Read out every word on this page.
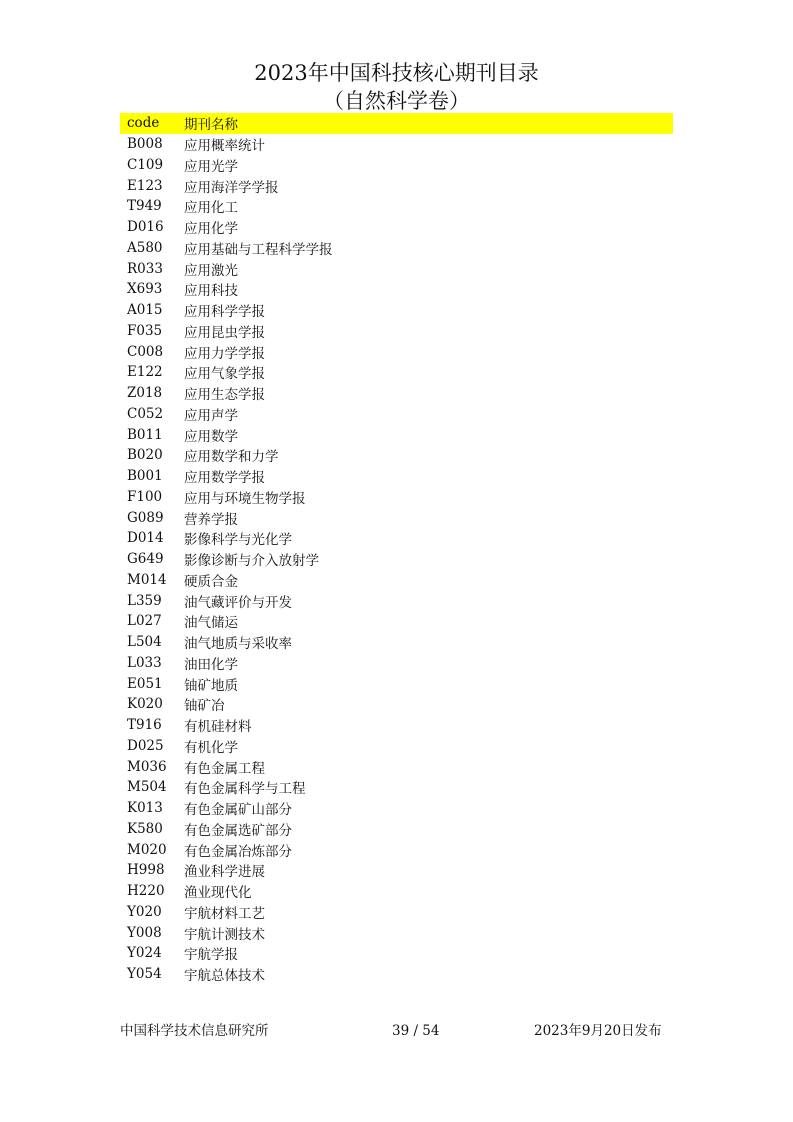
2023年中国科技核心期刊目录
（自然科学卷）
code	期刊名称
B008	应用概率统计
C109	应用光学
E123	应用海洋学学报
T949	应用化工
D016	应用化学
A580	应用基础与工程科学学报
R033	应用激光
X693	应用科技
A015	应用科学学报
F035	应用昆虫学报
C008	应用力学学报
E122	应用气象学报
Z018	应用生态学报
C052	应用声学
B011	应用数学
B020	应用数学和力学
B001	应用数学学报
F100	应用与环境生物学报
G089	营养学报
D014	影像科学与光化学
G649	影像诊断与介入放射学
M014	硬质合金
L359	油气藏评价与开发
L027	油气储运
L504	油气地质与采收率
L033	油田化学
E051	铀矿地质
K020	铀矿冶
T916	有机硅材料
D025	有机化学
M036	有色金属工程
M504	有色金属科学与工程
K013	有色金属矿山部分
K580	有色金属选矿部分
M020	有色金属冶炼部分
H998	渔业科学进展
H220	渔业现代化
Y020	宇航材料工艺
Y008	宇航计测技术
Y024	宇航学报
Y054	宇航总体技术
中国科学技术信息研究所	39 / 54	2023年9月20日发布
